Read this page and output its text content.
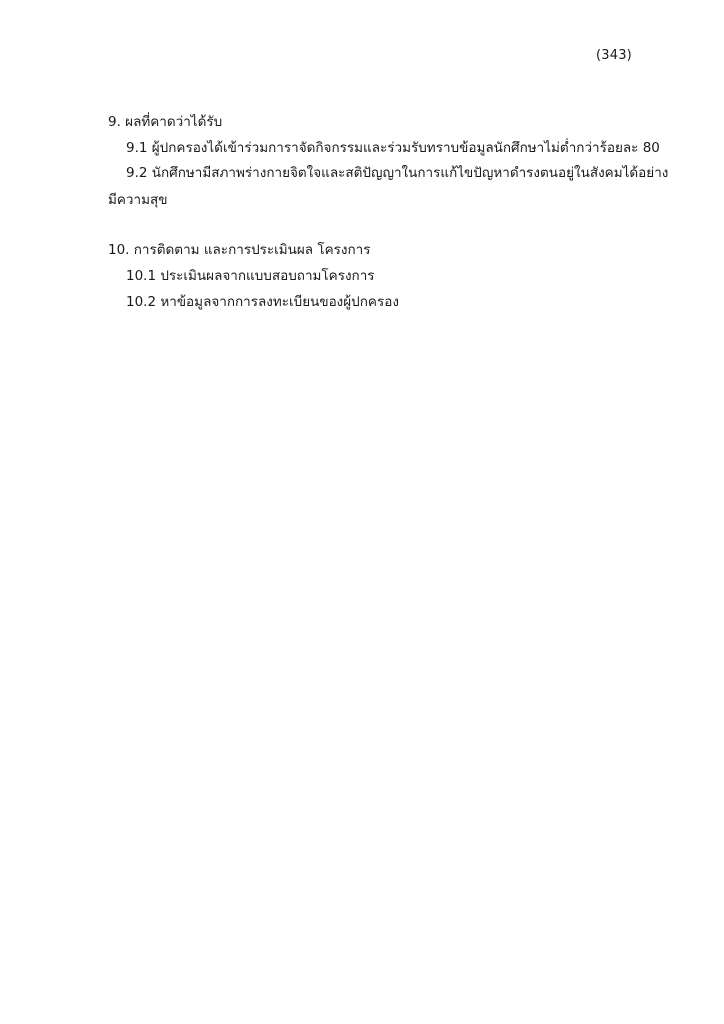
(343)
9. ผลที่คาดว่าได้รับ
9.1 ผู้ปกครองได้เข้าร่วมการาจัดกิจกรรมและร่วมรับทราบข้อมูลนักศึกษาไม่ต่ำกว่าร้อยละ 80
9.2 นักศึกษามีสภาพร่างกายจิตใจและสติปัญญาในการแก้ไขปัญหาดำรงตนอยู่ในสังคมได้อย่าง
มีความสุข
10. การติดตาม และการประเมินผล โครงการ
10.1 ประเมินผลจากแบบสอบถามโครงการ
10.2 หาข้อมูลจากการลงทะเบียนของผู้ปกครอง
